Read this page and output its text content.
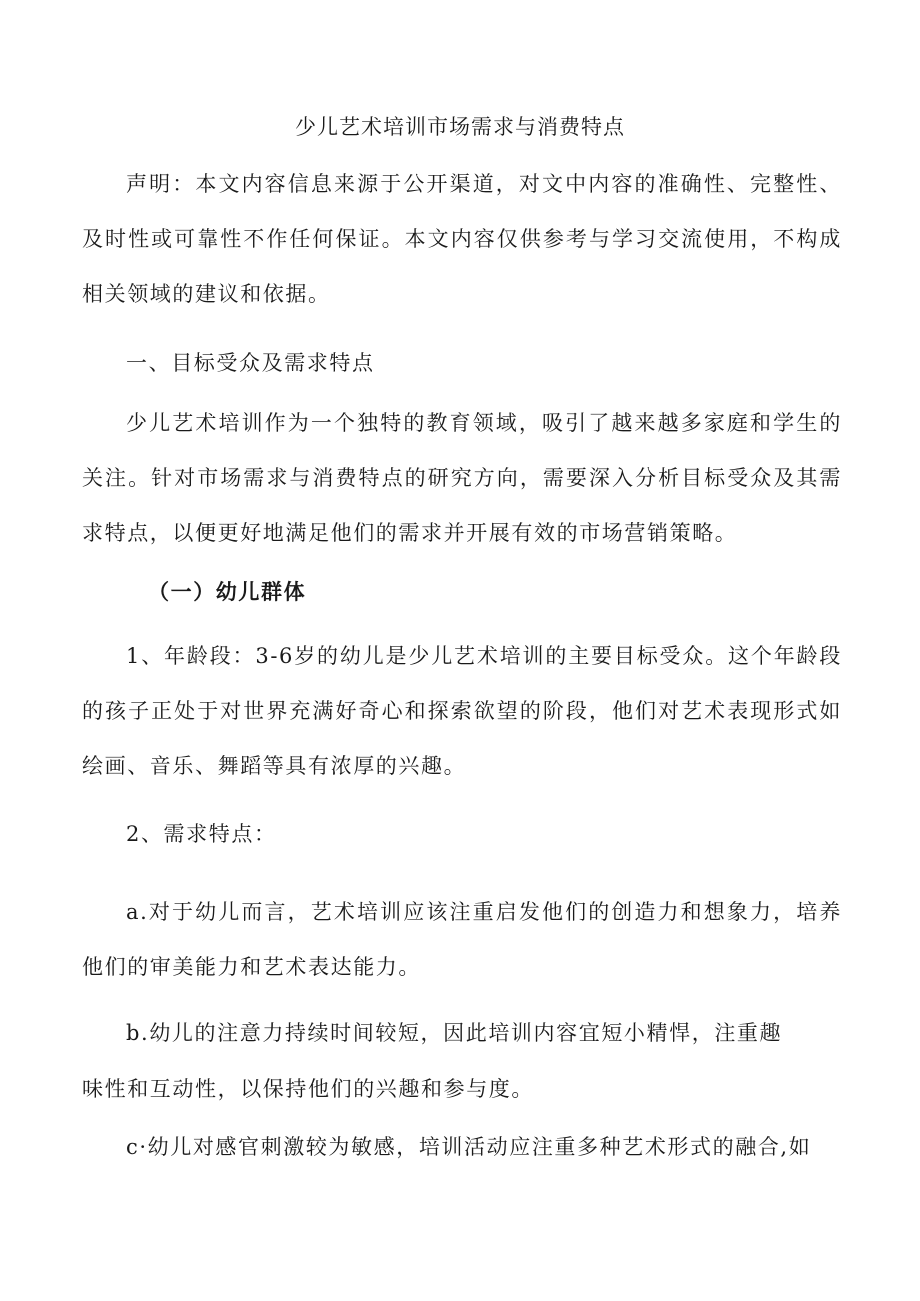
少儿艺术培训市场需求与消费特点

声明：本文内容信息来源于公开渠道，对文中内容的准确性、完整性、及时性或可靠性不作任何保证。本文内容仅供参考与学习交流使用，不构成相关领域的建议和依据。

一、目标受众及需求特点

少儿艺术培训作为一个独特的教育领域，吸引了越来越多家庭和学生的关注。针对市场需求与消费特点的研究方向，需要深入分析目标受众及其需求特点，以便更好地满足他们的需求并开展有效的市场营销策略。

（一）幼儿群体

1、年龄段：3-6岁的幼儿是少儿艺术培训的主要目标受众。这个年龄段的孩子正处于对世界充满好奇心和探索欲望的阶段，他们对艺术表现形式如绘画、音乐、舞蹈等具有浓厚的兴趣。

2、需求特点：

a.对于幼儿而言，艺术培训应该注重启发他们的创造力和想象力，培养他们的审美能力和艺术表达能力。

b.幼儿的注意力持续时间较短，因此培训内容宜短小精悍，注重趣

味性和互动性，以保持他们的兴趣和参与度。

c·幼儿对感官刺激较为敏感，培训活动应注重多种艺术形式的融合,如
